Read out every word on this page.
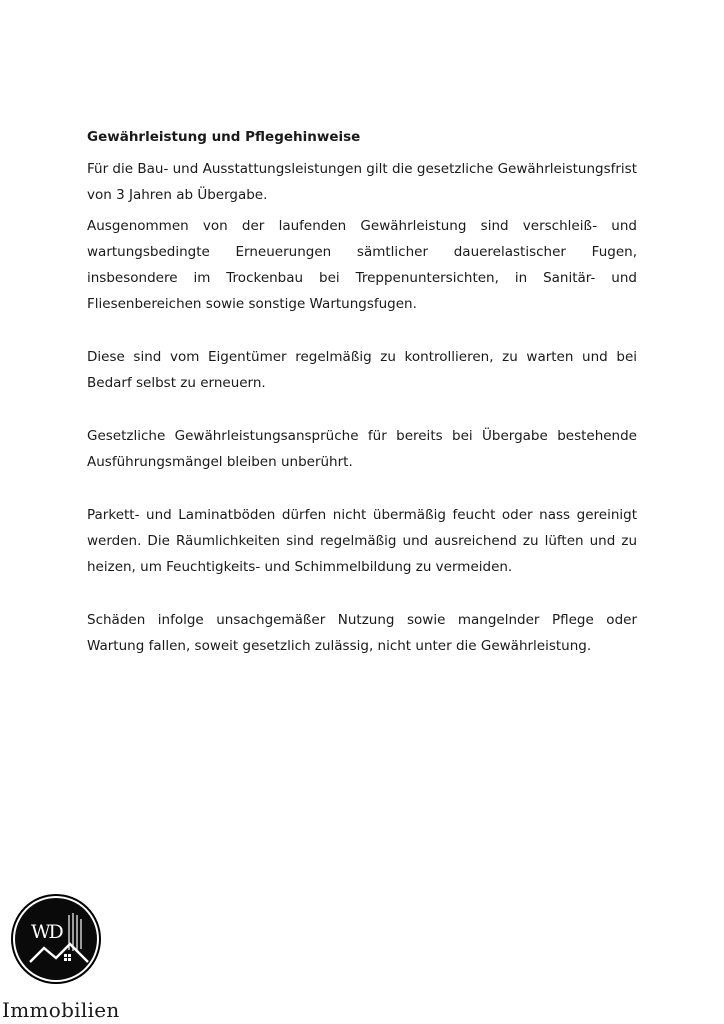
Gewährleistung und Pflegehinweise

Für die Bau- und Ausstattungsleistungen gilt die gesetzliche Gewährleistungsfrist von 3 Jahren ab Übergabe.

Ausgenommen von der laufenden Gewährleistung sind verschleiß- und wartungsbedingte Erneuerungen sämtlicher dauerelastischer Fugen, insbesondere im Trockenbau bei Treppenuntersichten, in Sanitär- und Fliesenbereichen sowie sonstige Wartungsfugen.

Diese sind vom Eigentümer regelmäßig zu kontrollieren, zu warten und bei Bedarf selbst zu erneuern.

Gesetzliche Gewährleistungsansprüche für bereits bei Übergabe bestehende Ausführungsmängel bleiben unberührt.

Parkett- und Laminatböden dürfen nicht übermäßig feucht oder nass gereinigt werden. Die Räumlichkeiten sind regelmäßig und ausreichend zu lüften und zu heizen, um Feuchtigkeits- und Schimmelbildung zu vermeiden.

Schäden infolge unsachgemäßer Nutzung sowie mangelnder Pflege oder Wartung fallen, soweit gesetzlich zulässig, nicht unter die Gewährleistung.

WD
Immobilien
